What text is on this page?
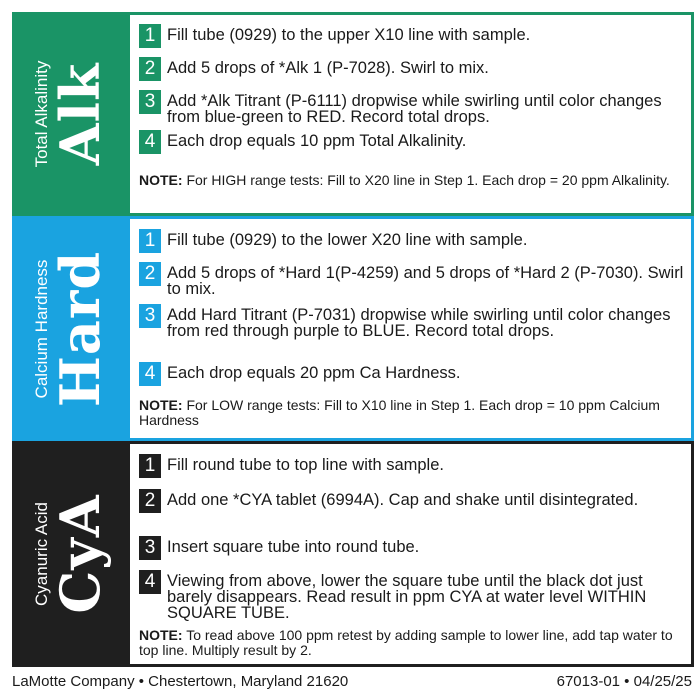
Total Alkalinity
Alk
1 Fill tube (0929) to the upper X10 line with sample.
2 Add 5 drops of *Alk 1 (P-7028). Swirl to mix.
3 Add *Alk Titrant (P-6111) dropwise while swirling until color changes from blue-green to RED. Record total drops.
4 Each drop equals 10 ppm Total Alkalinity.
NOTE: For HIGH range tests: Fill to X20 line in Step 1. Each drop = 20 ppm Alkalinity.
Calcium Hardness
Hard
1 Fill tube (0929) to the lower X20 line with sample.
2 Add 5 drops of *Hard 1(P-4259) and 5 drops of *Hard 2 (P-7030). Swirl to mix.
3 Add Hard Titrant (P-7031) dropwise while swirling until color changes from red through purple to BLUE. Record total drops.
4 Each drop equals 20 ppm Ca Hardness.
NOTE: For LOW range tests: Fill to X10 line in Step 1. Each drop = 10 ppm Calcium Hardness
Cyanuric Acid
CyA
1 Fill round tube to top line with sample.
2 Add one *CYA tablet (6994A). Cap and shake until disintegrated.
3 Insert square tube into round tube.
4 Viewing from above, lower the square tube until the black dot just barely disappears. Read result in ppm CYA at water level WITHIN SQUARE TUBE.
NOTE: To read above 100 ppm retest by adding sample to lower line, add tap water to top line. Multiply result by 2.
LaMotte Company • Chestertown, Maryland 21620	67013-01 • 04/25/25
